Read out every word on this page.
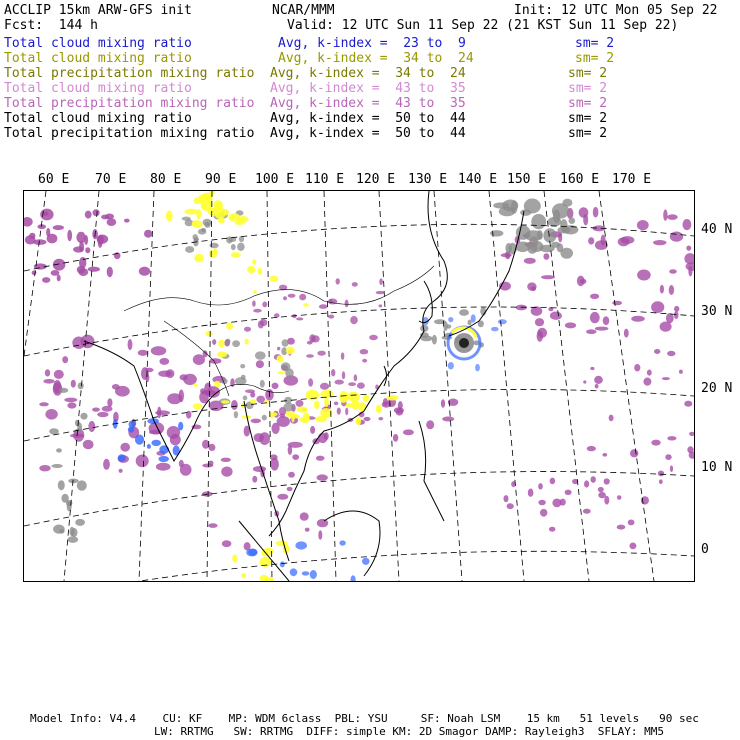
ACCLIP 15km ARW-GFS init	NCAR/MMM	Init: 12 UTC Mon 05 Sep 22
Fcst:  144 h	Valid: 12 UTC Sun 11 Sep 22 (21 KST Sun 11 Sep 22)
Total cloud mixing ratio	Avg, k-index =  23 to  9	sm= 2
Total cloud mixing ratio	Avg, k-index =  34 to  24	sm= 2
Total precipitation mixing ratio Avg, k-index =  34 to  24	sm= 2
Total cloud mixing ratio	Avg, k-index =  43 to  35	sm= 2
Total precipitation mixing ratio Avg, k-index =  43 to  35	sm= 2
Total cloud mixing ratio	Avg, k-index =  50 to  44	sm= 2
Total precipitation mixing ratio Avg, k-index =  50 to  44	sm= 2
60 E 70 E 80 E 90 E 100 E 110 E 120 E 130 E 140 E 150 E 160 E 170 E
40 N
30 N
20 N
10 N
0
Model Info: V4.4    CU: KF    MP: WDM 6class  PBL: YSU     SF: Noah LSM    15 km   51 levels   90 sec
LW: RRTMG   SW: RRTMG  DIFF: simple KM: 2D Smagor DAMP: Rayleigh3  SFLAY: MM5
